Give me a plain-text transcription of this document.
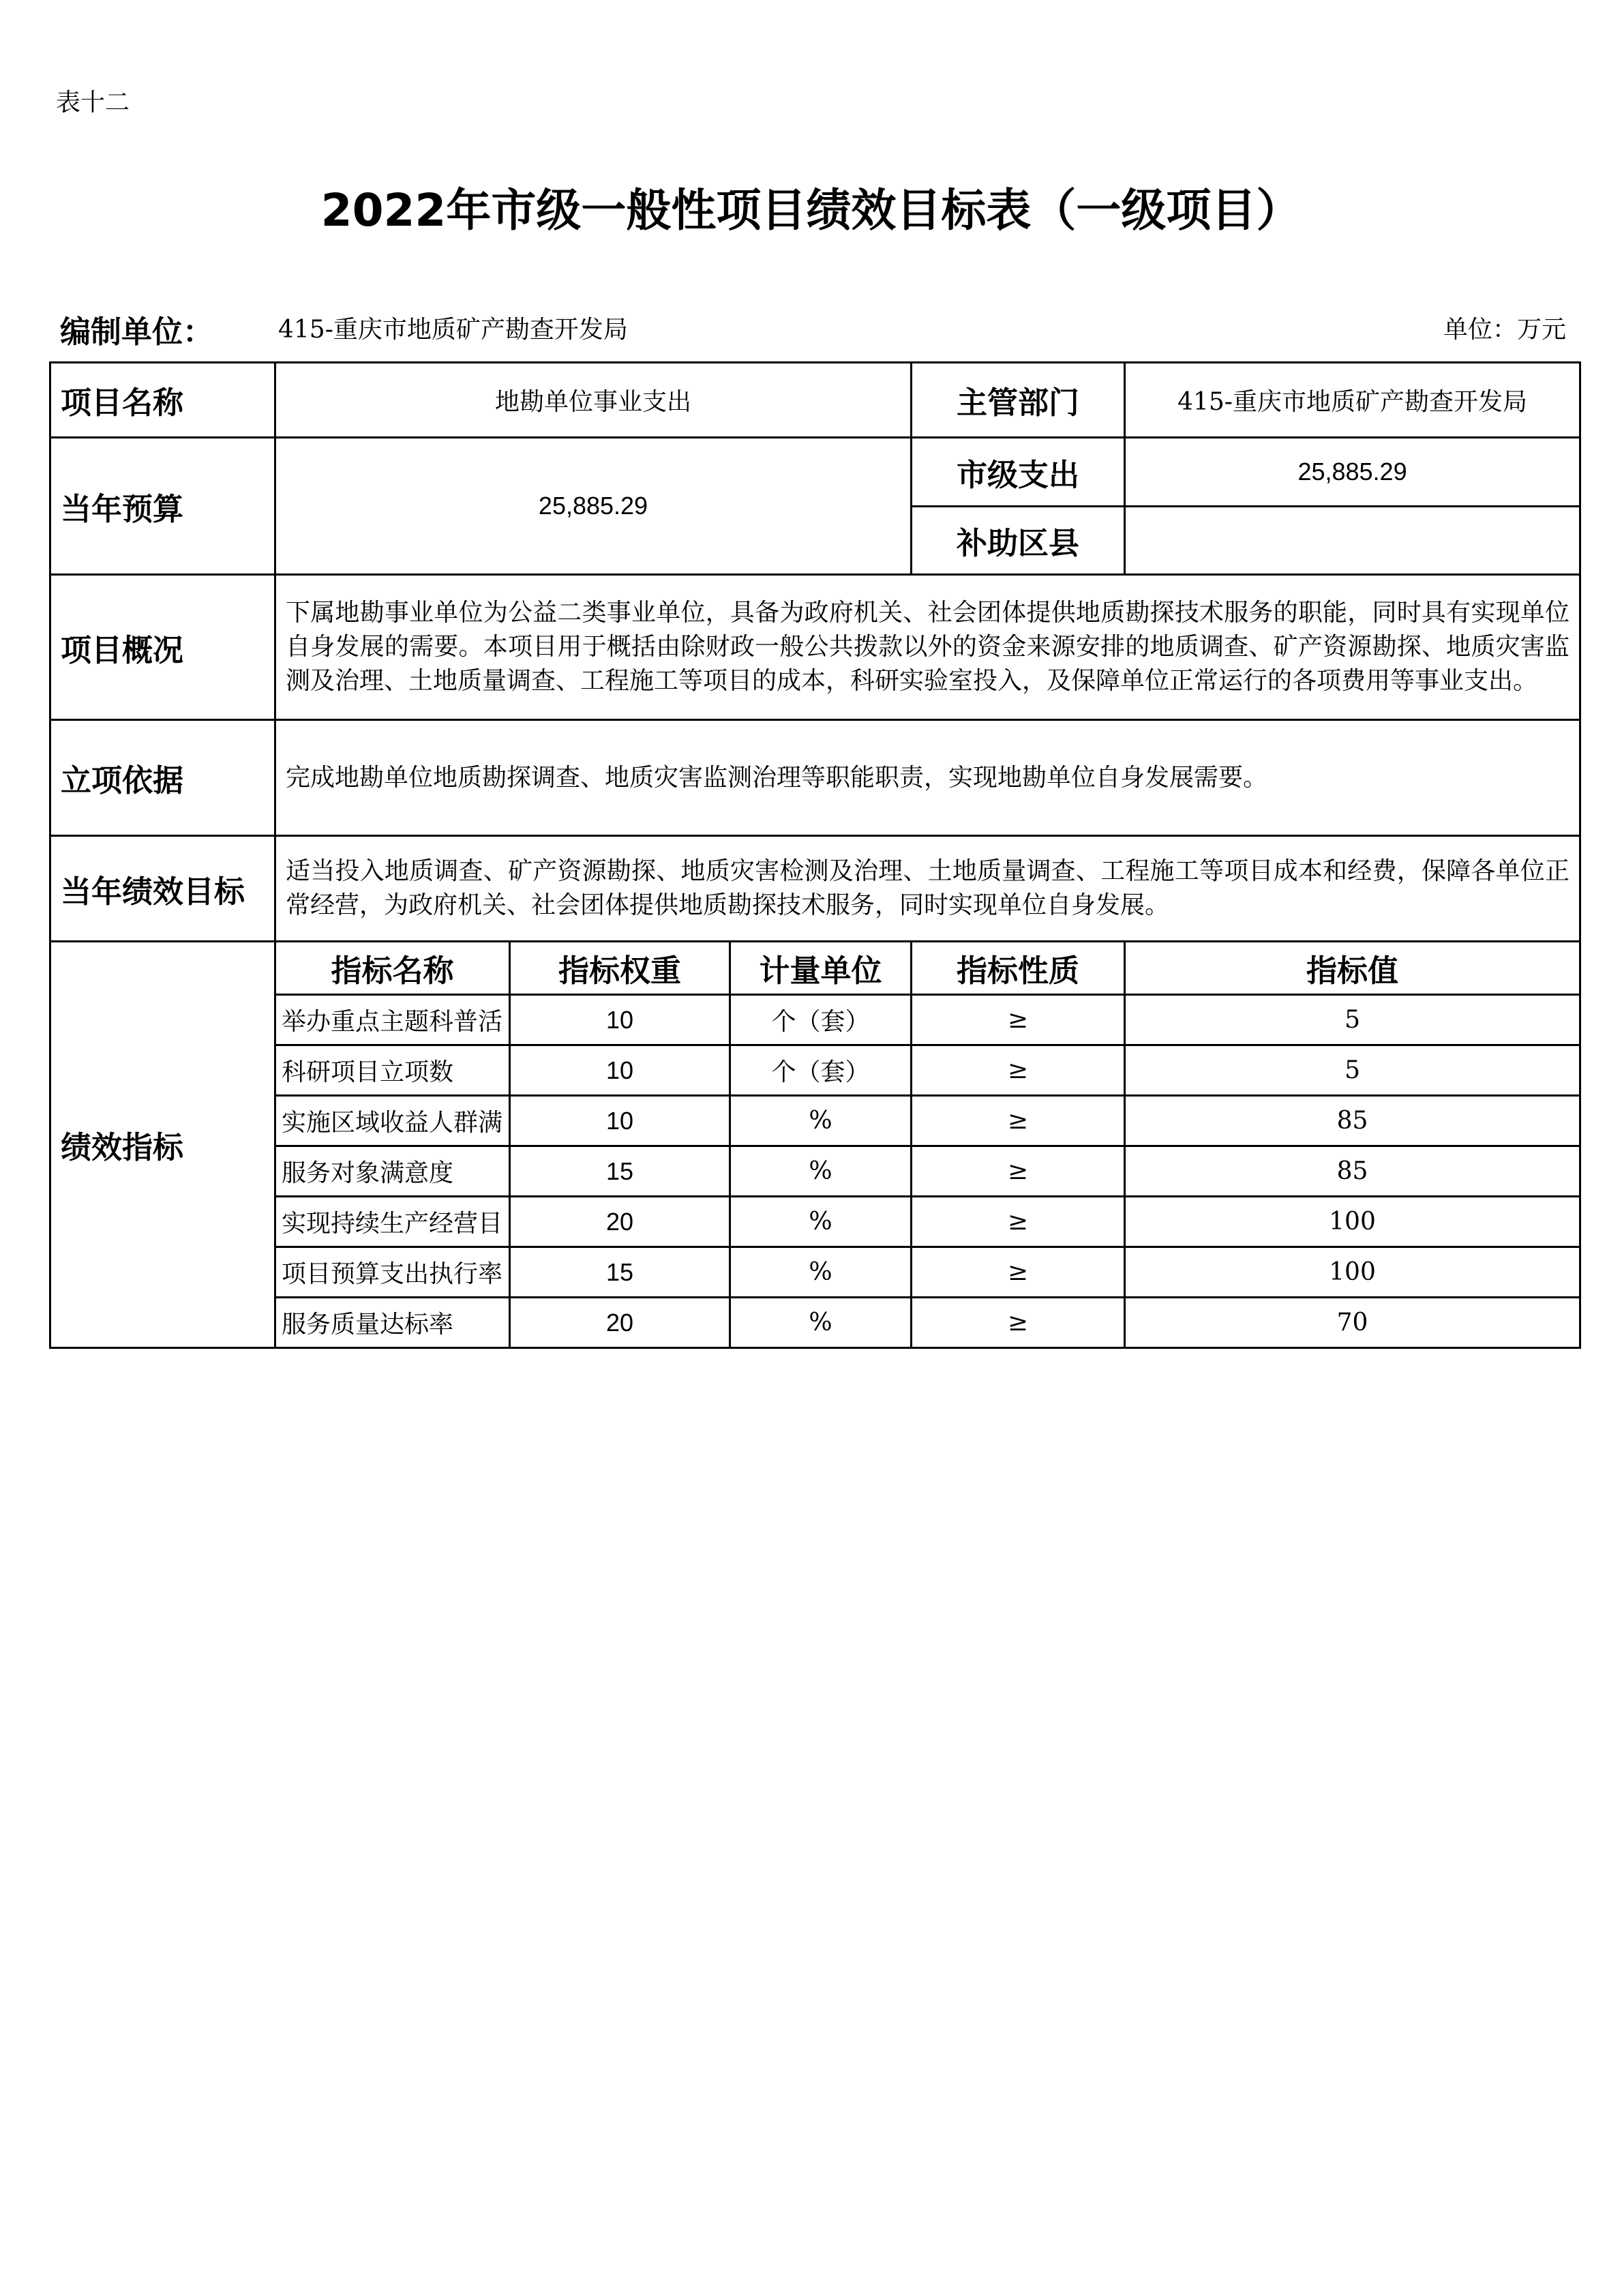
表十二
2022年市级一般性项目绩效目标表（一级项目）
编制单位：	415-重庆市地质矿产勘查开发局	单位：万元
项目名称	地勘单位事业支出			主管部门	415-重庆市地质矿产勘查开发局
当年预算	25,885.29			市级支出	25,885.29
				补助区县	
项目概况	下属地勘事业单位为公益二类事业单位，具备为政府机关、社会团体提供地质勘探技术服务的职能，同时具有实现单位自身发展的需要。本项目用于概括由除财政一般公共拨款以外的资金来源安排的地质调查、矿产资源勘探、地质灾害监测及治理、土地质量调查、工程施工等项目的成本，科研实验室投入，及保障单位正常运行的各项费用等事业支出。				
立项依据	完成地勘单位地质勘探调查、地质灾害监测治理等职能职责，实现地勘单位自身发展需要。				
当年绩效目标	适当投入地质调查、矿产资源勘探、地质灾害检测及治理、土地质量调查、工程施工等项目成本和经费，保障各单位正常经营，为政府机关、社会团体提供地质勘探技术服务，同时实现单位自身发展。				
绩效指标	指标名称	指标权重	计量单位	指标性质	指标值
	举办重点主题科普活	10	个（套）	≥	5
	科研项目立项数	10	个（套）	≥	5
	实施区域收益人群满	10	%	≥	85
	服务对象满意度	15	%	≥	85
	实现持续生产经营目	20	%	≥	100
	项目预算支出执行率	15	%	≥	100
	服务质量达标率	20	%	≥	70
